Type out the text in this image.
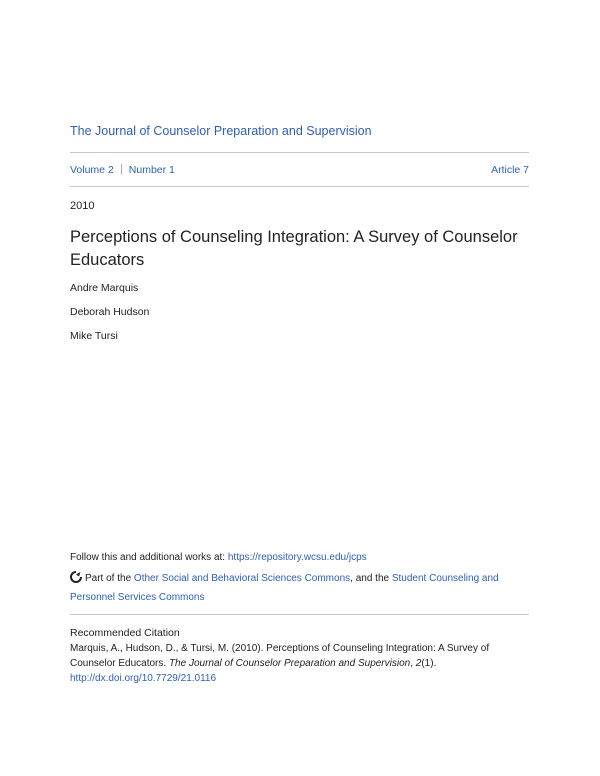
The Journal of Counselor Preparation and Supervision
Volume 2 Number 1	Article 7
2010
Perceptions of Counseling Integration: A Survey of Counselor Educators
Andre Marquis
Deborah Hudson
Mike Tursi
Follow this and additional works at: https://repository.wcsu.edu/jcps
Part of the Other Social and Behavioral Sciences Commons, and the Student Counseling and Personnel Services Commons
Recommended Citation
Marquis, A., Hudson, D., & Tursi, M. (2010). Perceptions of Counseling Integration: A Survey of Counselor Educators. The Journal of Counselor Preparation and Supervision, 2(1). http://dx.doi.org/10.7729/21.0116
